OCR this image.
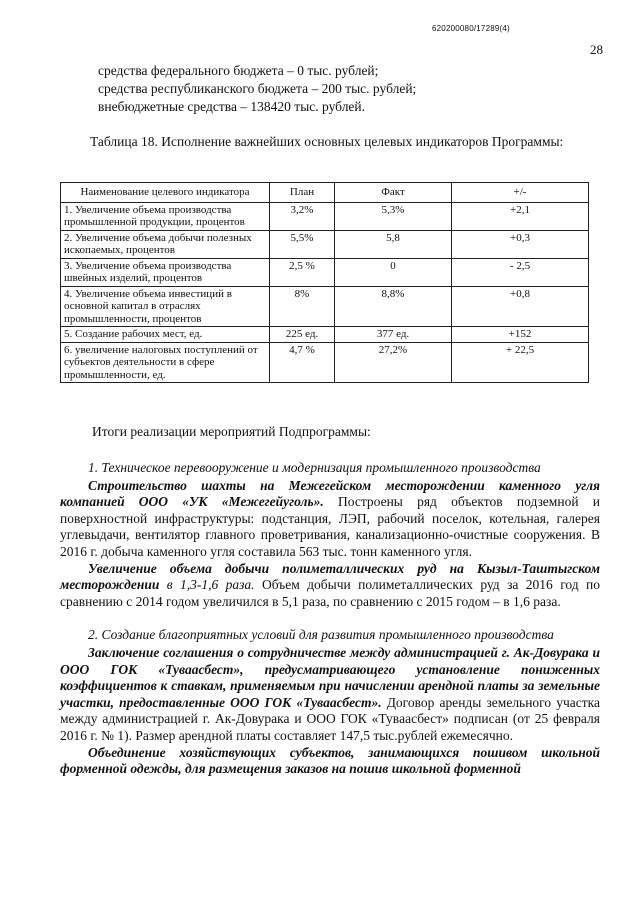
620200080/17289(4)
28
средства федерального бюджета – 0 тыс. рублей;
средства республиканского бюджета – 200 тыс. рублей;
внебюджетные средства – 138420 тыс. рублей.
Таблица 18. Исполнение важнейших основных целевых индикаторов Программы:
Наименование целевого индикатора	План	Факт	+/-
1. Увеличение объема производства промышленной продукции, процентов	3,2%	5,3%	+2,1
2. Увеличение объема добычи полезных ископаемых, процентов	5,5%	5,8	+0,3
3. Увеличение объема производства швейных изделий, процентов	2,5 %	0	- 2,5
4. Увеличение объема инвестиций в основной капитал в отраслях промышленности, процентов	8%	8,8%	+0,8
5. Создание рабочих мест, ед.	225 ед.	377 ед.	+152
6. увеличение налоговых поступлений от субъектов деятельности в сфере промышленности, ед.	4,7 %	27,2%	+ 22,5
Итоги реализации мероприятий Подпрограммы:

1. Техническое перевооружение и модернизация промышленного производства

Строительство шахты на Межегейском месторождении каменного угля компанией ООО «УК «Межегейуголь». Построены ряд объектов подземной и поверхностной инфраструктуры: подстанция, ЛЭП, рабочий поселок, котельная, галерея углевыдачи, вентилятор главного проветривания, канализационно-очистные сооружения. В 2016 г. добыча каменного угля составила 563 тыс. тонн каменного угля.

Увеличение объема добычи полиметаллических руд на Кызыл-Таштыгском месторождении в 1,3-1,6 раза. Объем добычи полиметаллических руд за 2016 год по сравнению с 2014 годом увеличился в 5,1 раза, по сравнению с 2015 годом – в 1,6 раза.

2. Создание благоприятных условий для развития промышленного производства

Заключение соглашения о сотрудничестве между администрацией г. Ак-Довурака и ООО ГОК «Тувaасбест», предусматривающего установление пониженных коэффициентов к ставкам, применяемым при начислении арендной платы за земельные участки, предоставленные ООО ГОК «Тувaасбест». Договор аренды земельного участка между администрацией г. Ак-Довурака и ООО ГОК «Тувaасбест» подписан (от 25 февраля 2016 г. № 1). Размер арендной платы составляет 147,5 тыс.рублей ежемесячно.

Объединение хозяйствующих субъектов, занимающихся пошивом школьной форменной одежды, для размещения заказов на пошив школьной форменной
